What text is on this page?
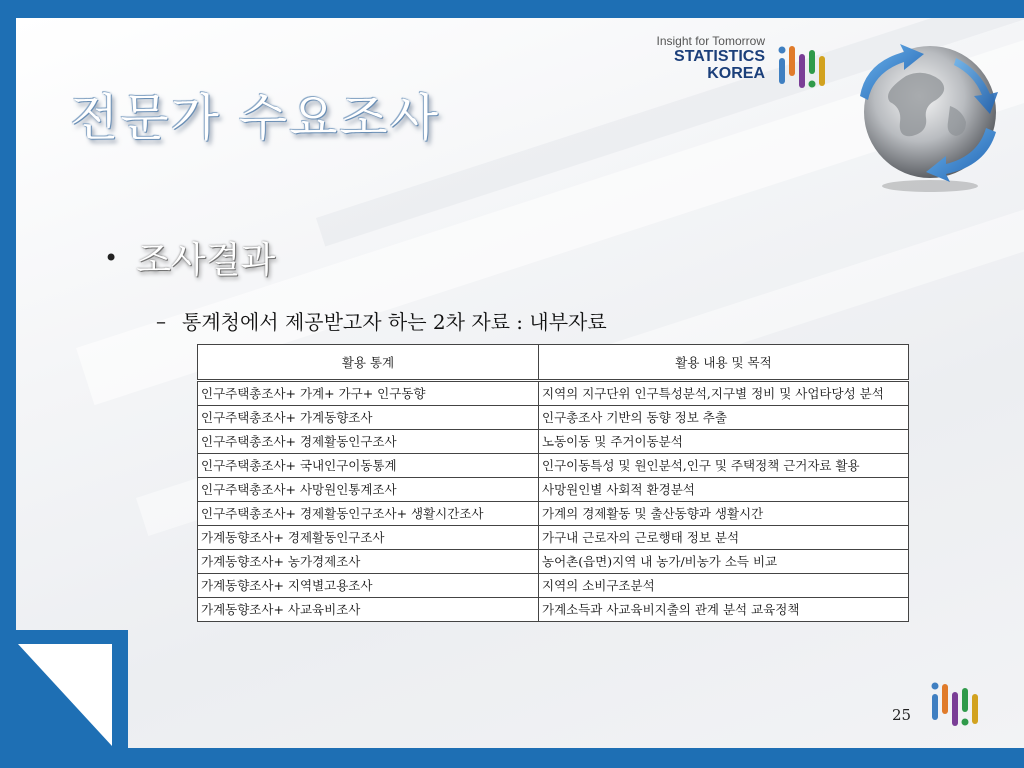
전문가 수요조사
• 조사결과
– 통계청에서 제공받고자 하는 2차 자료 : 내부자료
활용 통계	활용 내용 및 목적
인구주택총조사+ 가계+ 가구+ 인구동향	지역의 지구단위 인구특성분석,지구별 정비 및 사업타당성 분석
인구주택총조사+ 가계동향조사	인구총조사 기반의 동향 정보 추출
인구주택총조사+ 경제활동인구조사	노동이동 및 주거이동분석
인구주택총조사+ 국내인구이동통계	인구이동특성 및 원인분석,인구 및 주택정책 근거자료 활용
인구주택총조사+ 사망원인통계조사	사망원인별 사회적 환경분석
인구주택총조사+ 경제활동인구조사+ 생활시간조사	가계의 경제활동 및 출산동향과 생활시간
가계동향조사+ 경제활동인구조사	가구내 근로자의 근로행태 정보 분석
가계동향조사+ 농가경제조사	농어촌(읍면)지역 내 농가/비농가 소득 비교
가계동향조사+ 지역별고용조사	지역의 소비구조분석
가계동향조사+ 사교육비조사	가계소득과 사교육비지출의 관계 분석 교육정책
Insight for Tomorrow
STATISTICS
KOREA
25
